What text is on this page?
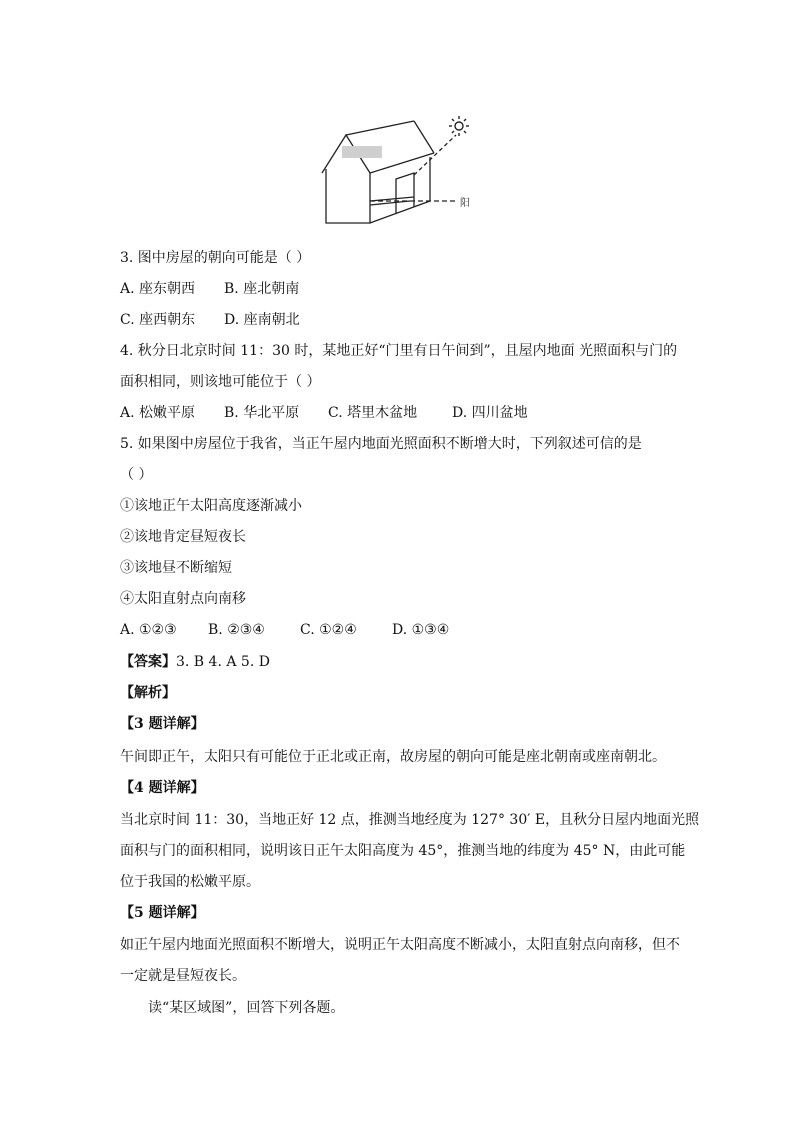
阳
3. 图中房屋的朝向可能是（ ）
A. 座东朝西 B. 座北朝南
C. 座西朝东 D. 座南朝北
4. 秋分日北京时间 11：30 时，某地正好“门里有日午间到”，且屋内地面 光照面积与门的
面积相同，则该地可能位于（ ）
A. 松嫩平原 B. 华北平原 C. 塔里木盆地 D. 四川盆地
5. 如果图中房屋位于我省，当正午屋内地面光照面积不断增大时，下列叙述可信的是
（ ）
①该地正午太阳高度逐渐减小
②该地肯定昼短夜长
③该地昼不断缩短
④太阳直射点向南移
A. ①②③ B. ②③④	C. ①②④	D. ①③④
【答案】3. B 4. A 5. D
【解析】
【3 题详解】
午间即正午，太阳只有可能位于正北或正南，故房屋的朝向可能是座北朝南或座南朝北。
【4 题详解】
当北京时间 11：30，当地正好 12 点，推测当地经度为 127° 30′ E，且秋分日屋内地面光照
面积与门的面积相同，说明该日正午太阳高度为 45°，推测当地的纬度为 45° N，由此可能
位于我国的松嫩平原。
【5 题详解】
如正午屋内地面光照面积不断增大，说明正午太阳高度不断减小，太阳直射点向南移，但不
一定就是昼短夜长。
读“某区域图”，回答下列各题。
